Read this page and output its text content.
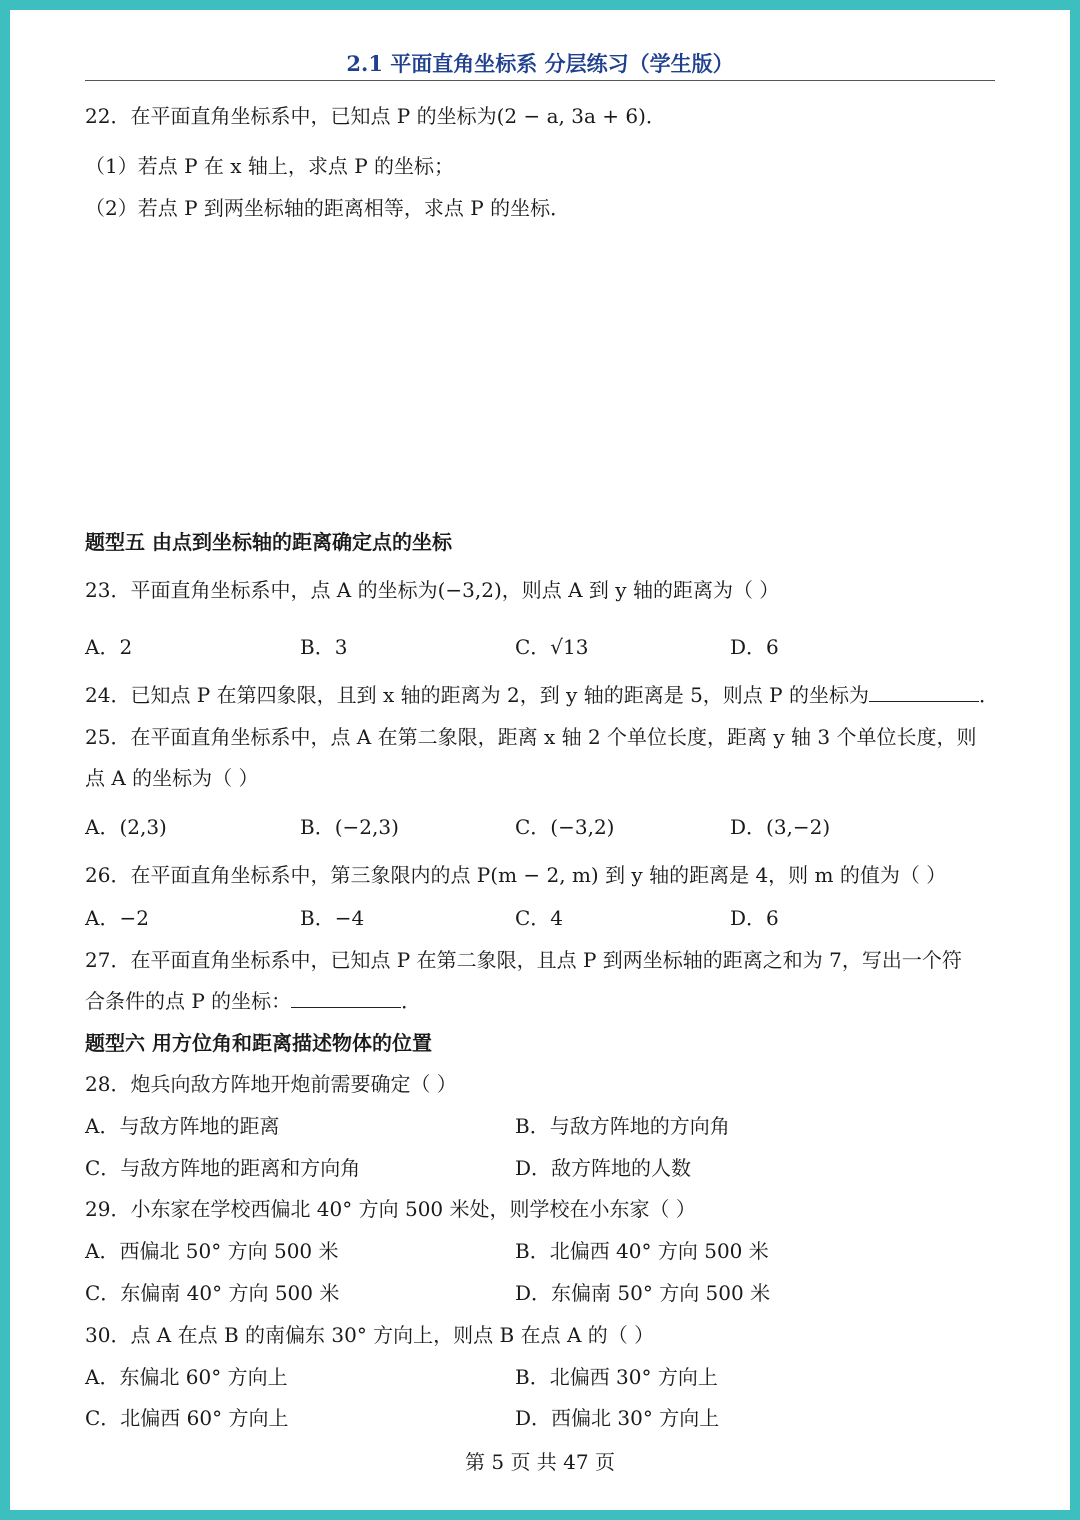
2.1 平面直角坐标系 分层练习（学生版）
22．在平面直角坐标系中，已知点 P 的坐标为(2 − a, 3a + 6)．
（1）若点 P 在 x 轴上，求点 P 的坐标；
（2）若点 P 到两坐标轴的距离相等，求点 P 的坐标．
题型五 由点到坐标轴的距离确定点的坐标
23．平面直角坐标系中，点 A 的坐标为(−3,2)，则点 A 到 y 轴的距离为（ ）
A．2	B．3	C．√13	D．6
24．已知点 P 在第四象限，且到 x 轴的距离为 2，到 y 轴的距离是 5，则点 P 的坐标为	．
25．在平面直角坐标系中，点 A 在第二象限，距离 x 轴 2 个单位长度，距离 y 轴 3 个单位长度，则
点 A 的坐标为（ ）
A．(2,3)	B．(−2,3)	C．(−3,2)	D．(3,−2)
26．在平面直角坐标系中，第三象限内的点 P(m − 2, m) 到 y 轴的距离是 4，则 m 的值为（ ）
A．−2	B．−4	C．4	D．6
27．在平面直角坐标系中，已知点 P 在第二象限，且点 P 到两坐标轴的距离之和为 7，写出一个符
合条件的点 P 的坐标：	．
题型六 用方位角和距离描述物体的位置
28．炮兵向敌方阵地开炮前需要确定（ ）
A．与敌方阵地的距离	B．与敌方阵地的方向角
C．与敌方阵地的距离和方向角	D．敌方阵地的人数
29．小东家在学校西偏北 40° 方向 500 米处，则学校在小东家（ ）
A．西偏北 50° 方向 500 米	B．北偏西 40° 方向 500 米
C．东偏南 40° 方向 500 米	D．东偏南 50° 方向 500 米
30．点 A 在点 B 的南偏东 30° 方向上，则点 B 在点 A 的（ ）
A．东偏北 60° 方向上	B．北偏西 30° 方向上
C．北偏西 60° 方向上	D．西偏北 30° 方向上
第 5 页 共 47 页
